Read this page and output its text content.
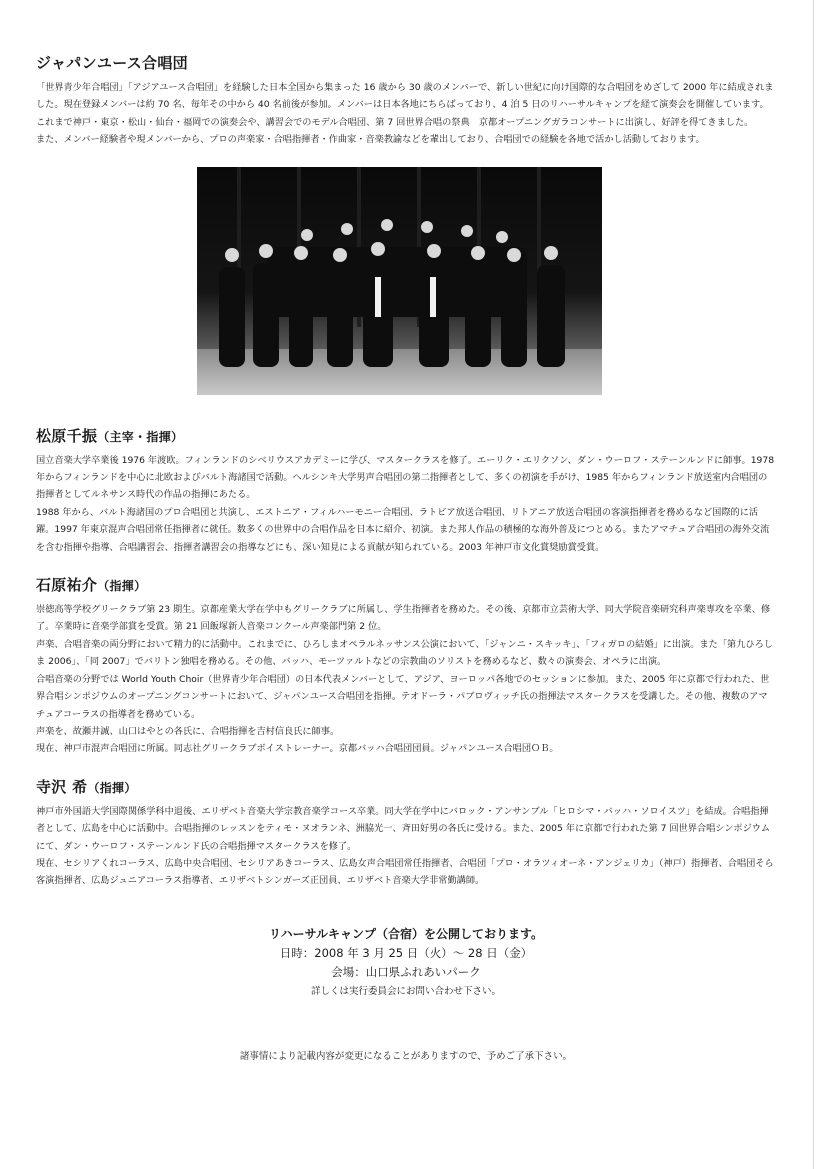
ジャパンユース合唱団

「世界青少年合唱団」「アジアユース合唱団」を経験した日本全国から集まった 16 歳から 30 歳のメンバーで、新しい世紀に向け国際的な合唱団をめざして 2000 年に結成されました。現在登録メンバーは約 70 名、毎年その中から 40 名前後が参加。メンバーは日本各地にちらばっており、4 泊 5 日のリハーサルキャンプを経て演奏会を開催しています。これまで神戸・東京・松山・仙台・福岡での演奏会や、講習会でのモデル合唱団、第 7 回世界合唱の祭典　京都オープニングガラコンサートに出演し、好評を得てきました。

また、メンバー経験者や現メンバーから、プロの声楽家・合唱指揮者・作曲家・音楽教諭などを輩出しており、合唱団での経験を各地で活かし活動しております。

松原千振（主宰・指揮）

国立音楽大学卒業後 1976 年渡欧。フィンランドのシベリウスアカデミーに学び、マスタークラスを修了。エーリク・エリクソン、ダン・ウーロフ・ステーンルンドに師事。1978 年からフィンランドを中心に北欧およびバルト海諸国で活動。ヘルシンキ大学男声合唱団の第二指揮者として、多くの初演を手がけ、1985 年からフィンランド放送室内合唱団の指揮者としてルネサンス時代の作品の指揮にあたる。

1988 年から、バルト海諸国のプロ合唱団と共演し、エストニア・フィルハーモニー合唱団、ラトビア放送合唱団、リトアニア放送合唱団の客演指揮者を務めるなど国際的に活躍。1997 年東京混声合唱団常任指揮者に就任。数多くの世界中の合唱作品を日本に紹介、初演。また邦人作品の積極的な海外普及につとめる。またアマチュア合唱団の海外交流を含む指揮や指導、合唱講習会、指揮者講習会の指導などにも、深い知見による貢献が知られている。2003 年神戸市文化賞奨励賞受賞。

石原祐介（指揮）

崇徳高等学校グリークラブ第 23 期生。京都産業大学在学中もグリークラブに所属し、学生指揮者を務めた。その後、京都市立芸術大学、同大学院音楽研究科声楽専攻を卒業、修了。卒業時に音楽学部賞を受賞。第 21 回飯塚新人音楽コンクール声楽部門第 2 位。

声楽、合唱音楽の両分野において精力的に活動中。これまでに、ひろしまオペラルネッサンス公演において、「ジャンニ・スキッキ」、「フィガロの結婚」に出演。また「第九ひろしま 2006」、「同 2007」でバリトン独唱を務める。その他、バッハ、モーツァルトなどの宗教曲のソリストを務めるなど、数々の演奏会、オペラに出演。

合唱音楽の分野では World Youth Choir（世界青少年合唱団）の日本代表メンバーとして、アジア、ヨーロッパ各地でのセッションに参加。また、2005 年に京都で行われた、世界合唱シンポジウムのオープニングコンサートにおいて、ジャパンユース合唱団を指揮。テオドーラ・パブロヴィッチ氏の指揮法マスタークラスを受講した。その他、複数のアマチュアコーラスの指導者を務めている。

声楽を、故瀬井誠、山口はやとの各氏に、合唱指揮を吉村信良氏に師事。

現在、神戸市混声合唱団に所属。同志社グリークラブボイストレーナー。京都バッハ合唱団団員。ジャパンユース合唱団ＯＢ。

寺沢 希（指揮）

神戸市外国語大学国際関係学科中退後、エリザベト音楽大学宗教音楽学コース卒業。同大学在学中にバロック・アンサンブル「ヒロシマ・バッハ・ソロイスツ」を結成。合唱指揮者として、広島を中心に活動中。合唱指揮のレッスンをティモ・ヌオランネ、洲脇光一、斉田好男の各氏に受ける。また、2005 年に京都で行われた第 7 回世界合唱シンポジウムにて、ダン・ウーロフ・ステーンルンド氏の合唱指揮マスタークラスを修了。

現在、セシリアくれコーラス、広島中央合唱団、セシリアあきコーラス、広島女声合唱団常任指揮者、合唱団「プロ・オラツィオーネ・アンジェリカ」（神戸）指揮者、合唱団そら客演指揮者、広島ジュニアコーラス指導者、エリザベトシンガーズ正団員、エリザベト音楽大学非常勤講師。

リハーサルキャンプ（合宿）を公開しております。
日時：2008 年 3 月 25 日（火）～ 28 日（金）
会場：山口県ふれあいパーク
詳しくは実行委員会にお問い合わせ下さい。
諸事情により記載内容が変更になることがありますので、予めご了承下さい。
